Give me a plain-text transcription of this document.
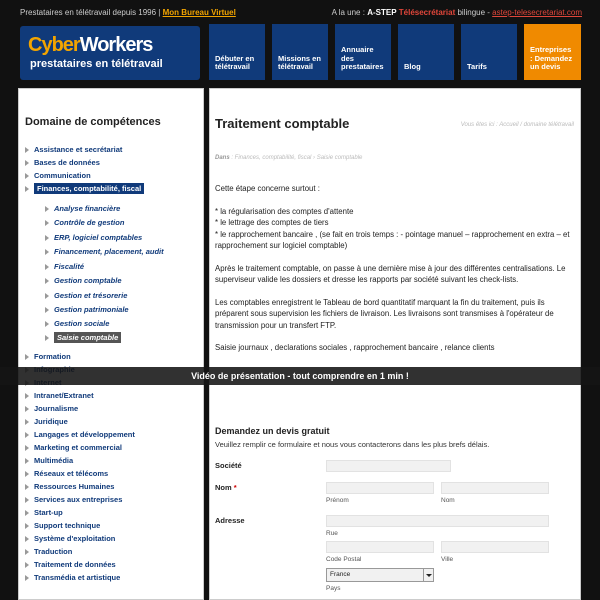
Prestataires en télétravail depuis 1996 | Mon Bureau Virtuel	A la une : A-STEP Télésecrétariat bilingue - astep-telesecretariat.com
CyberWorkers
prestataires en télétravail	Débuter en télétravail
Missions en télétravail
Annuaire des prestataires	Blog	Tarifs
Entreprises : Demandez un devis
Domaine de compétences
Assistance et secrétariat
Bases de données
Communication
Finances, comptabilité, fiscal
Analyse financière
Contrôle de gestion
ERP, logiciel comptables
Financement, placement, audit
Fiscalité
Gestion comptable
Gestion et trésorerie
Gestion patrimoniale
Gestion sociale
Saisie comptable
Formation
Intranet/Extranet
Journalisme
Juridique
Langages et développement
Marketing et commercial
Multimédia
Réseaux et télécoms
Ressources Humaines
Services aux entreprises
Start-up
Support technique
Système d'exploitation
Traduction
Traitement de données
Transmédia et artistique
Traitement comptable	Vous êtes ici : Accueil / domaine télétravail
Dans : Finances, comptabilité, fiscal › Saisie comptable

Cette étape concerne surtout :

* la régularisation des comptes d'attente
* le lettrage des comptes de tiers
* le rapprochement bancaire , (se fait en trois temps : - pointage manuel – rapprochement en extra – et rapprochement sur logiciel comptable)

Après le traitement comptable, on passe à une dernière mise à jour des différentes centralisations. Le superviseur valide les dossiers et dresse les rapports par société suivant les check-lists.

Les comptables enregistrent le Tableau de bord quantitatif marquant la fin du traitement, puis ils préparent sous supervision les fichiers de livraison. Les livraisons sont transmises à l'opérateur de transmission pour un transfert FTP.

Saisie journaux , declarations sociales , rapprochement bancaire , relance clients

Demandez un devis gratuit
Veuillez remplir ce formulaire et nous vous contacterons dans les plus brefs délais.
Société
Nom *
Prénom	Nom
Adresse
Rue
Code Postal	Ville
France
Pays
Vidéo de présentation - tout comprendre en 1 min !
